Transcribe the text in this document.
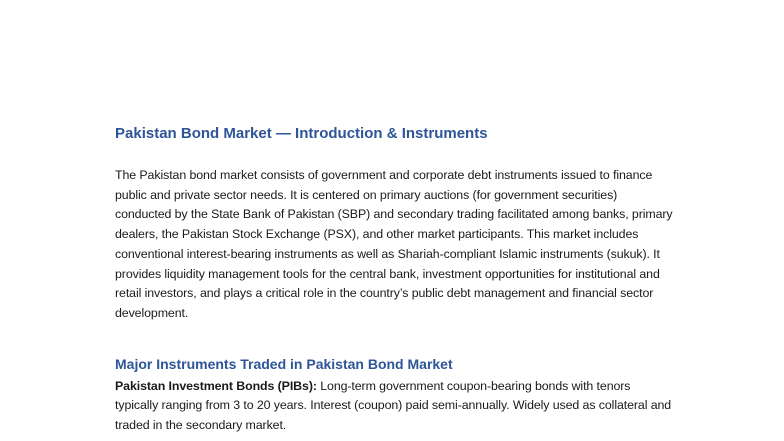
Pakistan Bond Market — Introduction & Instruments

The Pakistan bond market consists of government and corporate debt instruments issued to finance public and private sector needs. It is centered on primary auctions (for government securities) conducted by the State Bank of Pakistan (SBP) and secondary trading facilitated among banks, primary dealers, the Pakistan Stock Exchange (PSX), and other market participants. This market includes conventional interest-bearing instruments as well as Shariah-compliant Islamic instruments (sukuk). It provides liquidity management tools for the central bank, investment opportunities for institutional and retail investors, and plays a critical role in the country’s public debt management and financial sector development.

Major Instruments Traded in Pakistan Bond Market

Pakistan Investment Bonds (PIBs): Long-term government coupon-bearing bonds with tenors typically ranging from 3 to 20 years. Interest (coupon) paid semi-annually. Widely used as collateral and traded in the secondary market.
